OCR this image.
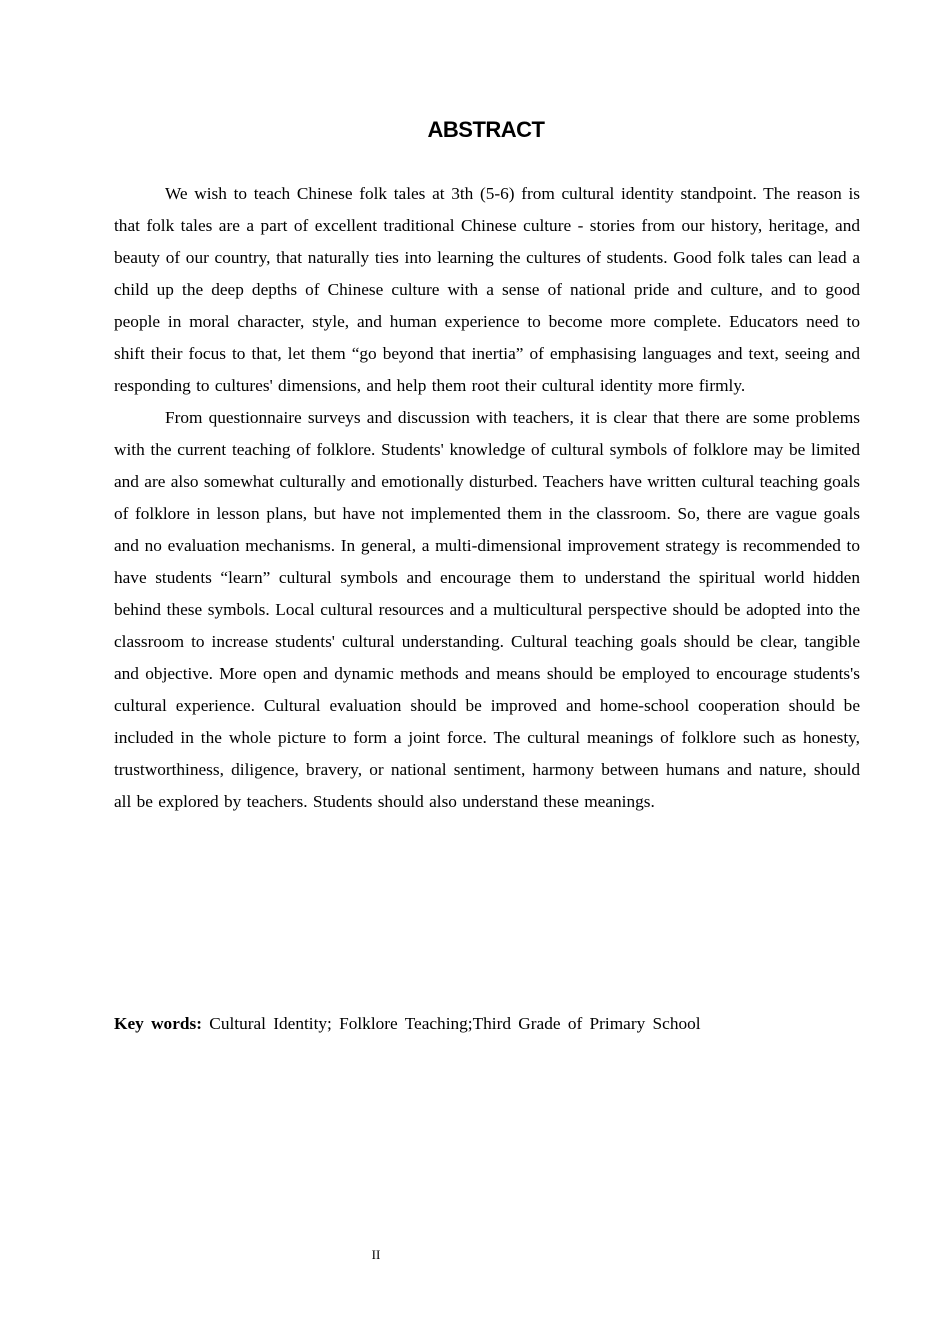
ABSTRACT

We wish to teach Chinese folk tales at 3th (5-6) from cultural identity standpoint. The reason is that folk tales are a part of excellent traditional Chinese culture - stories from our history, heritage, and beauty of our country, that naturally ties into learning the cultures of students. Good folk tales can lead a child up the deep depths of Chinese culture with a sense of national pride and culture, and to good people in moral character, style, and human experience to become more complete. Educators need to shift their focus to that, let them “go beyond that inertia” of emphasising languages and text, seeing and responding to cultures' dimensions, and help them root their cultural identity more firmly.

From questionnaire surveys and discussion with teachers, it is clear that there are some problems with the current teaching of folklore. Students' knowledge of cultural symbols of folklore may be limited and are also somewhat culturally and emotionally disturbed. Teachers have written cultural teaching goals of folklore in lesson plans, but have not implemented them in the classroom. So, there are vague goals and no evaluation mechanisms. In general, a multi-dimensional improvement strategy is recommended to have students “learn” cultural symbols and encourage them to understand the spiritual world hidden behind these symbols. Local cultural resources and a multicultural perspective should be adopted into the classroom to increase students' cultural understanding. Cultural teaching goals should be clear, tangible and objective. More open and dynamic methods and means should be employed to encourage students's cultural experience. Cultural evaluation should be improved and home-school cooperation should be included in the whole picture to form a joint force. The cultural meanings of folklore such as honesty, trustworthiness, diligence, bravery, or national sentiment, harmony between humans and nature, should all be explored by teachers. Students should also understand these meanings.

Key words: Cultural Identity; Folklore Teaching;Third Grade of Primary School
II
